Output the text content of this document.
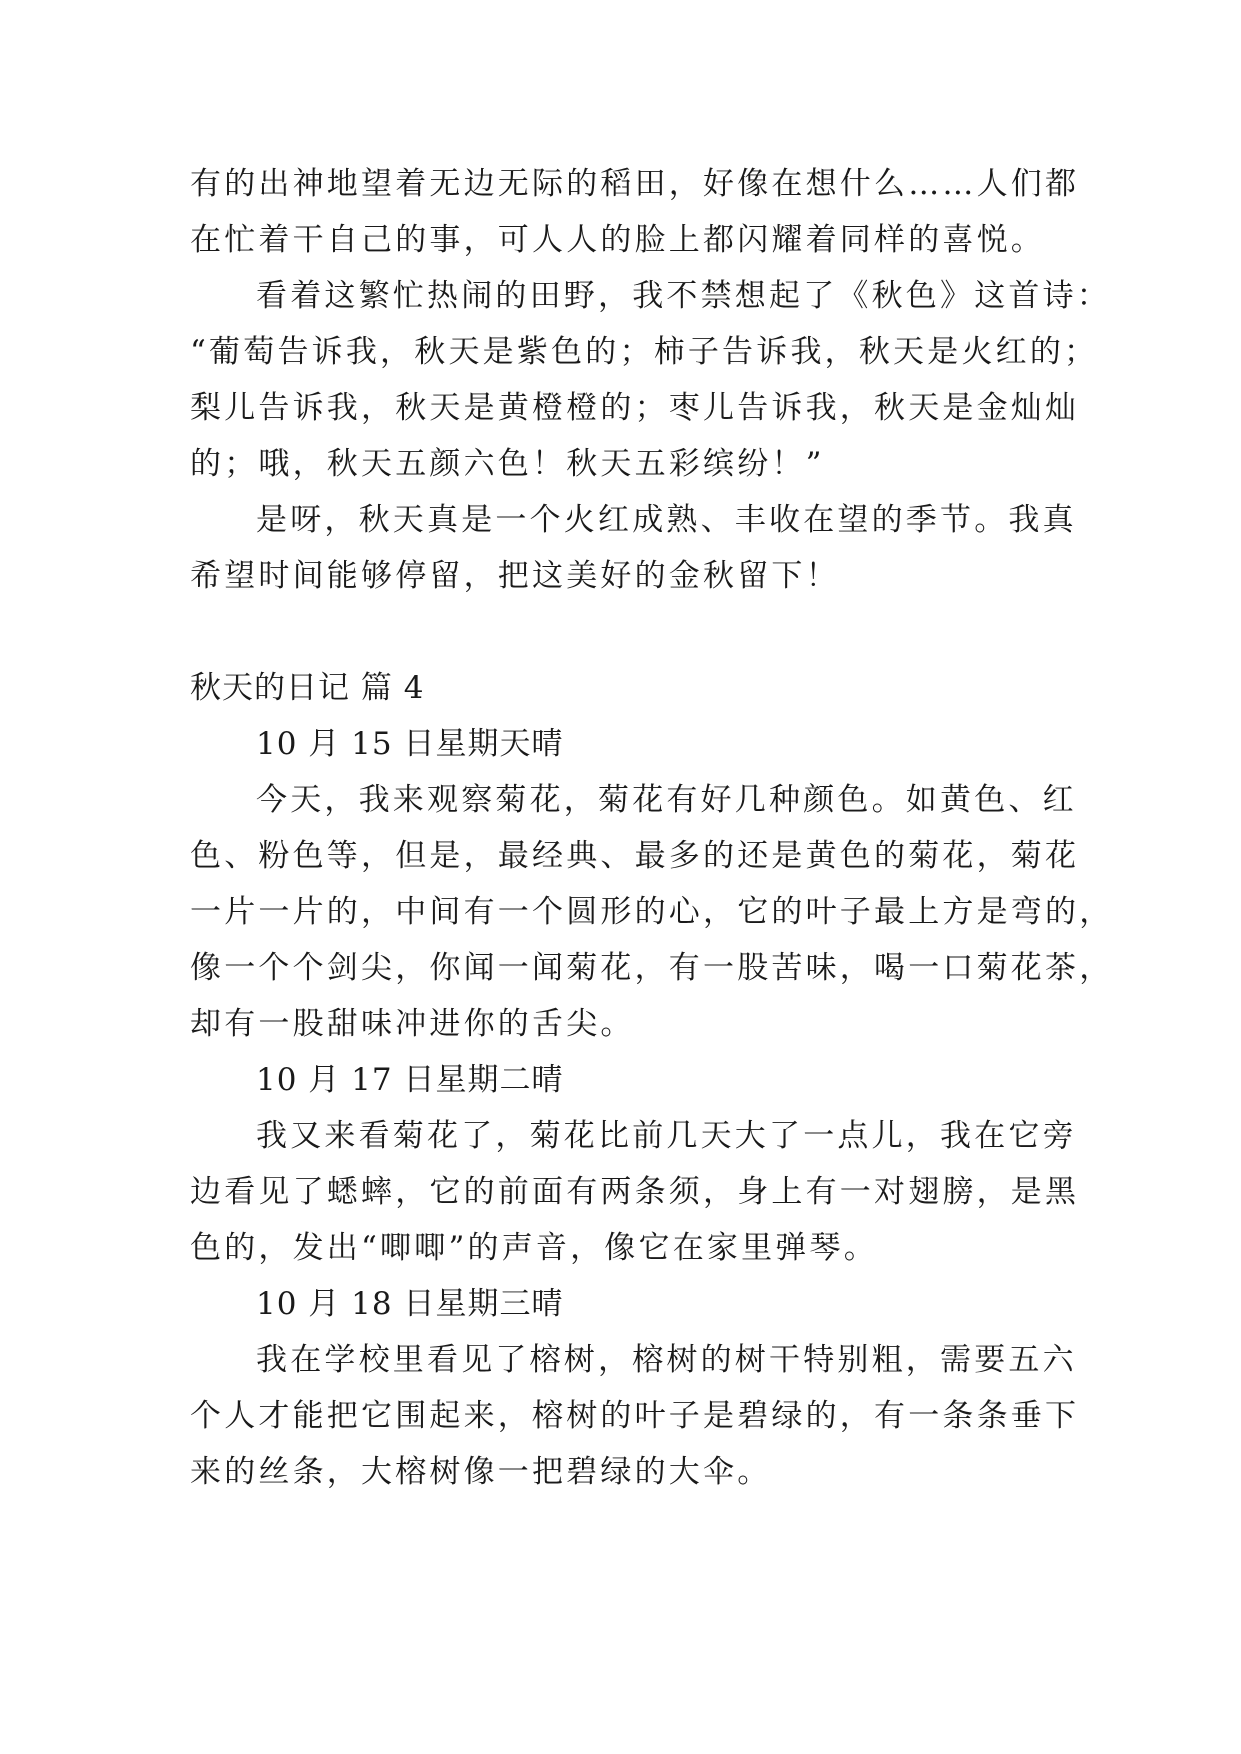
有的出神地望着无边无际的稻田，好像在想什么……人们都
在忙着干自己的事，可人人的脸上都闪耀着同样的喜悦。
看着这繁忙热闹的田野，我不禁想起了《秋色》这首诗：
“葡萄告诉我，秋天是紫色的；柿子告诉我，秋天是火红的；
梨儿告诉我，秋天是黄橙橙的；枣儿告诉我，秋天是金灿灿
的；哦，秋天五颜六色！秋天五彩缤纷！”
是呀，秋天真是一个火红成熟、丰收在望的季节。我真
希望时间能够停留，把这美好的金秋留下！
秋天的日记 篇 4
10 月 15 日星期天晴
今天，我来观察菊花，菊花有好几种颜色。如黄色、红
色、粉色等，但是，最经典、最多的还是黄色的菊花，菊花
一片一片的，中间有一个圆形的心，它的叶子最上方是弯的，
像一个个剑尖，你闻一闻菊花，有一股苦味，喝一口菊花茶，
却有一股甜味冲进你的舌尖。
10 月 17 日星期二晴
我又来看菊花了，菊花比前几天大了一点儿，我在它旁
边看见了蟋蟀，它的前面有两条须，身上有一对翅膀，是黑
色的，发出“唧唧”的声音，像它在家里弹琴。
10 月 18 日星期三晴
我在学校里看见了榕树，榕树的树干特别粗，需要五六
个人才能把它围起来，榕树的叶子是碧绿的，有一条条垂下
来的丝条，大榕树像一把碧绿的大伞。
